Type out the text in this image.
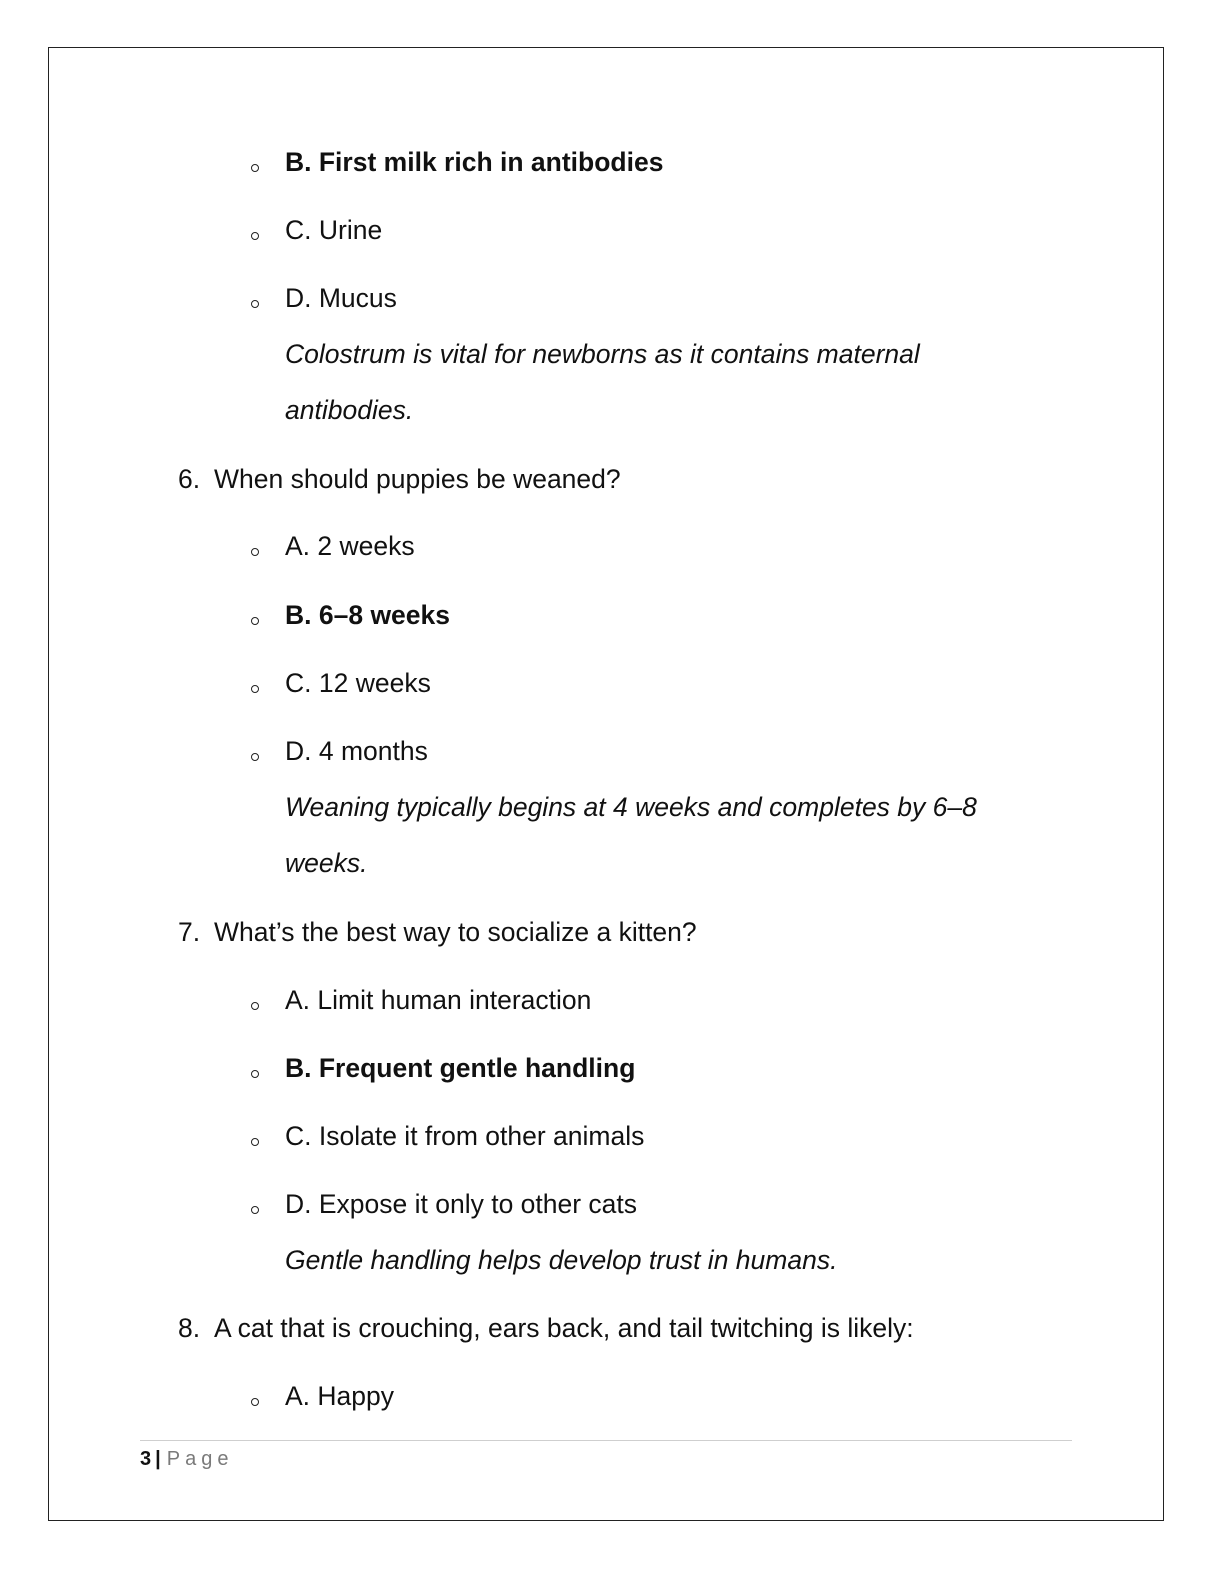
B. First milk rich in antibodies
C. Urine
D. Mucus
Colostrum is vital for newborns as it contains maternal
antibodies.
6. When should puppies be weaned?
A. 2 weeks
B. 6–8 weeks
C. 12 weeks
D. 4 months
Weaning typically begins at 4 weeks and completes by 6–8
weeks.
7. What’s the best way to socialize a kitten?
A. Limit human interaction
B. Frequent gentle handling
C. Isolate it from other animals
D. Expose it only to other cats
Gentle handling helps develop trust in humans.
8. A cat that is crouching, ears back, and tail twitching is likely:
A. Happy
3 | Page
